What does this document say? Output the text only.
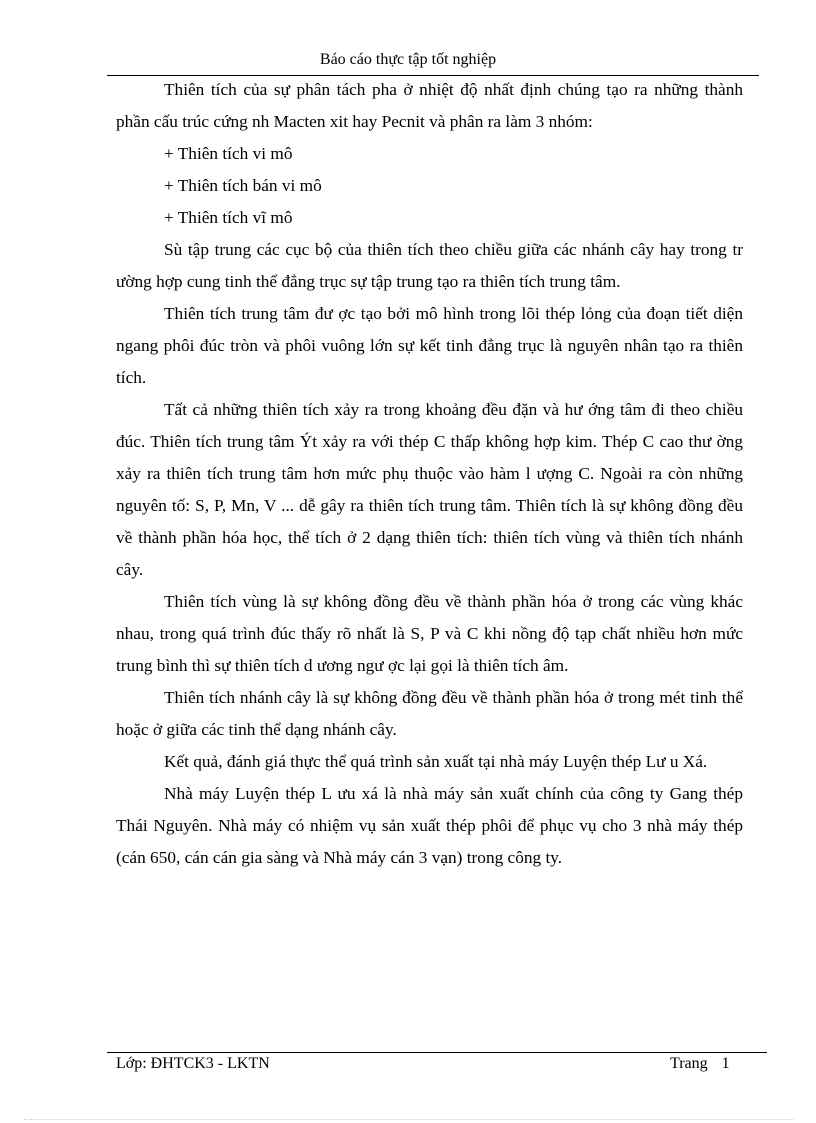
Báo cáo thực tập tốt nghiệp

Thiên tích của sự phân tách pha ở nhiệt độ nhất định chúng tạo ra những thành phần cấu trúc cứng nh Macten xit hay Pecnit và phân ra làm 3 nhóm:

+ Thiên tích vi mô

+ Thiên tích bán vi mô

+ Thiên tích vĩ mô

Sù tập trung các cục bộ của thiên tích theo chiều giữa các nhánh cây hay trong tr ường hợp cung tinh thể đẳng trục sự tập trung tạo ra thiên tích trung tâm.

Thiên tích trung tâm đư ợc tạo bởi mô hình trong lõi thép lỏng của đoạn tiết diện ngang phôi đúc tròn và phôi vuông lớn sự kết tinh đẳng trục là nguyên nhân tạo ra thiên tích.

Tất cả những thiên tích xảy ra trong khoảng đều đặn và hư ớng tâm đi theo chiều đúc. Thiên tích trung tâm Ýt xảy ra với thép C thấp không hợp kim. Thép C cao thư ờng xảy ra thiên tích trung tâm hơn mức phụ thuộc vào hàm l ượng C. Ngoài ra còn những nguyên tố: S, P, Mn, V ... dễ gây ra thiên tích trung tâm. Thiên tích là sự không đồng đều về thành phần hóa học, thể tích ở 2 dạng thiên tích: thiên tích vùng và thiên tích nhánh cây.

Thiên tích vùng là sự không đồng đều về thành phần hóa ở trong các vùng khác nhau, trong quá trình đúc thấy rõ nhất là S, P và C khi nồng độ tạp chất nhiều hơn mức trung bình thì sự thiên tích d ương ngư ợc lại gọi là thiên tích âm.

Thiên tích nhánh cây là sự không đồng đều về thành phần hóa ở trong mét tinh thể hoặc ở giữa các tinh thể dạng nhánh cây.

Kết quả, đánh giá thực thể quá trình sản xuất tại nhà máy Luyện thép Lư u Xá.

Nhà máy Luyện thép L ưu xá là nhà máy sản xuất chính của công ty Gang thép Thái Nguyên. Nhà máy có nhiệm vụ sản xuất thép phôi để phục vụ cho 3 nhà máy thép (cán 650, cán cán gia sàng và Nhà máy cán 3 vạn) trong công ty.

Lớp: ĐHTCK3 - LKTN	Trang 1
